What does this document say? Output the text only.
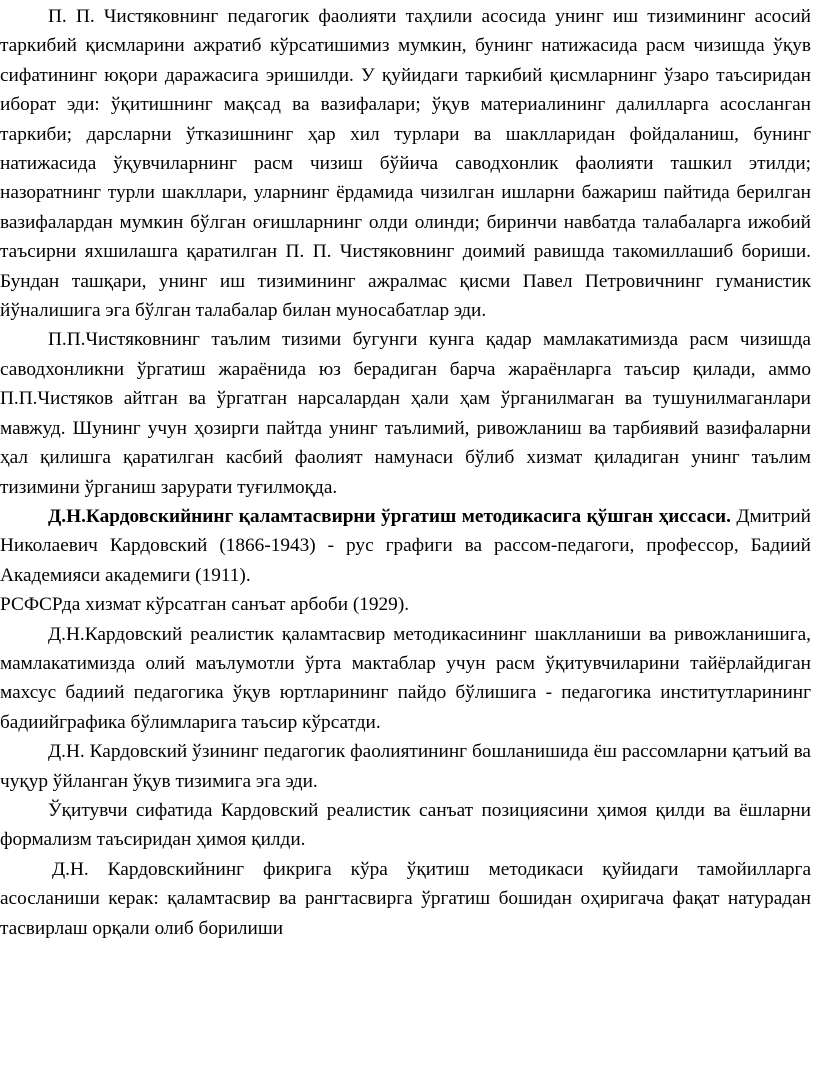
П. П. Чистяковнинг педагогик фаолияти таҳлили асосида унинг иш тизимининг асосий таркибий қисмларини ажратиб кўрсатишимиз мумкин, бунинг натижасида расм чизишда ўқув сифатининг юқори даражасига эришилди. У қуйидаги таркибий қисмларнинг ўзаро таъсиридан иборат эди: ўқитишнинг мақсад ва вазифалари; ўқув материалининг далилларга асосланган таркиби; дарсларни ўтказишнинг ҳар хил турлари ва шаклларидан фойдаланиш, бунинг натижасида ўқувчиларнинг расм чизиш бўйича саводхонлик фаолияти ташкил этилди; назоратнинг турли шакллари, уларнинг ёрдамида чизилган ишларни бажариш пайтида берилган вазифалардан мумкин бўлган оғишларнинг олди олинди; биринчи навбатда талабаларга ижобий таъсирни яхшилашга қаратилган П. П. Чистяковнинг доимий равишда такомиллашиб бориши. Бундан ташқари, унинг иш тизимининг ажралмас қисми Павел Петровичнинг гуманистик йўналишига эга бўлган талабалар билан муносабатлар эди.

П.П.Чистяковнинг таълим тизими бугунги кунга қадар мамлакатимизда расм чизишда саводхонликни ўргатиш жараёнида юз берадиган барча жараёнларга таъсир қилади, аммо П.П.Чистяков айтган ва ўргатган нарсалардан ҳали ҳам ўрганилмаган ва тушунилмаганлари мавжуд. Шунинг учун ҳозирги пайтда унинг таълимий, ривожланиш ва тарбиявий вазифаларни ҳал қилишга қаратилган касбий фаолият намунаси бўлиб хизмат қиладиган унинг таълим тизимини ўрганиш зарурати туғилмоқда.

Д.Н.Кардовскийнинг қаламтасвирни ўргатиш методикасига қўшган ҳиссаси. Дмитрий Николаевич Кардовский (1866-1943) - рус графиги ва рассом-педагоги, профессор, Бадиий Академияси академиги (1911).

РСФСРда хизмат кўрсатган санъат арбоби (1929).

Д.Н.Кардовский реалистик қаламтасвир методикасининг шаклланиши ва ривожланишига, мамлакатимизда олий маълумотли ўрта мактаблар учун расм ўқитувчиларини тайёрлайдиган махсус бадиий педагогика ўқув юртларининг пайдо бўлишига - педагогика институтларининг бадиийграфика бўлимларига таъсир кўрсатди.

Д.Н. Кардовский ўзининг педагогик фаолиятининг бошланишида ёш рассомларни қатъий ва чуқур ўйланган ўқув тизимига эга эди.

Ўқитувчи сифатида Кардовский реалистик санъат позициясини ҳимоя қилди ва ёшларни формализм таъсиридан ҳимоя қилди.

Д.Н. Кардовскийнинг фикрига кўра ўқитиш методикаси қуйидаги тамойилларга асосланиши керак: қаламтасвир ва рангтасвирга ўргатиш бошидан оҳиригача фақат натурадан тасвирлаш орқали олиб борилиши
